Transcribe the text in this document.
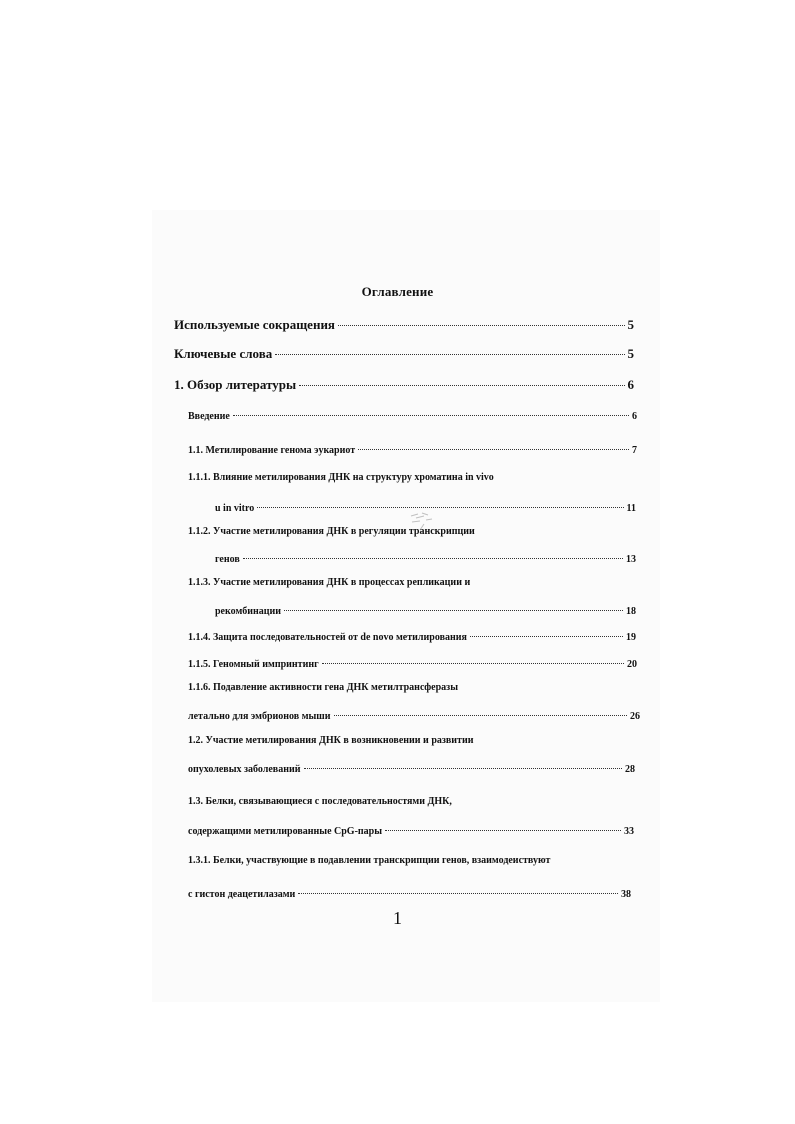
Оглавление
Используемые сокращения	5
Ключевые слова	5
1. Обзор литературы	6
Введение	6
1.1. Метилирование генома эукариот	7
1.1.1. Влияние метилирования ДНК на структуру хроматина in vivo
u in vitro	11
1.1.2. Участие метилирования ДНК в регуляции транскрипции
генов	13
1.1.3. Участие метилирования ДНК в процессах репликации и
рекомбинации	18
1.1.4. Защита последовательностей от de novo метилирования	19
1.1.5. Геномный импринтинг	20
1.1.6. Подавление активности гена ДНК метилтрансферазы
летально для эмбрионов мыши	26
1.2. Участие метилирования ДНК в возникновении и развитии
опухолевых заболеваний	28
1.3. Белки, связывающиеся с последовательностями ДНК,
содержащими метилированные CpG-пары	33
1.3.1. Белки, участвующие в подавлении транскрипции генов, взаимодеиствуют
с гистон деацетилазами	38
1
